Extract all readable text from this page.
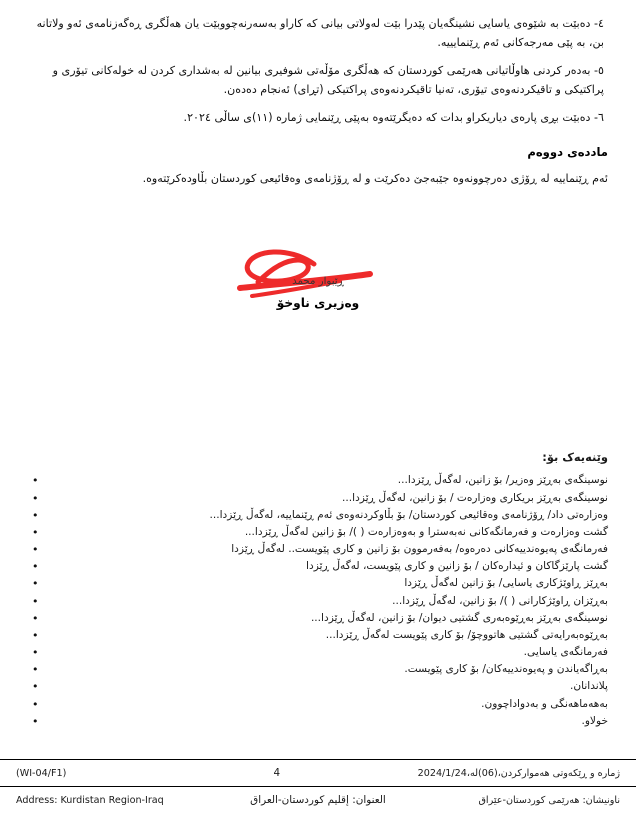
٤- دەبێت بە شێوەی یاسایی نشینگەیان پێدرا بێت لەولاتی بیانی کە کاراو بەسەرنەچووبێت یان هەڵگری ڕەگەزنامەی ئەو ولاتانە بن، بە پێی مەرجەکانی ئەم ڕێنمایییە.

٥- بەدەر کردنی هاوڵاتیانی هەرێمی کوردستان کە هەڵگری مۆڵەتی شوفیری بیانین لە بەشداری کردن لە خولەکانی تیۆری و پراکتیکی و تاقیکردنەوەی تیۆری، تەنیا تاقیکردنەوەی پراکتیکی (تڕای) ئەنجام دەدەن.

٦- دەبێت بڕی پارەی دیاریکراو بدات کە دەیگرێتەوە بەپێی ڕێنمایی ژمارە (١١)ی ساڵی ٢٠٢٤.

ماددەی دووەم

ئەم ڕێنماییە لە ڕۆژی دەرچوونەوە جێبەجێ دەکرێت و لە ڕۆژنامەی وەقائیعی کوردستان بڵاودەکرێتەوە.

ڕێبوار محمد
وەزیری ناوخۆ
وێنەیەک بۆ:
نوسینگەی بەڕێز وەزیر/ بۆ زانین، لەگەڵ ڕێزدا... •
نوسینگەی بەڕێز بریکاری وەزارەت / بۆ زانین، لەگەڵ ڕێزدا... •
وەزارەتی داد/ ڕۆژنامەی وەقائیعی کوردستان/ بۆ بڵاوکردنەوەی ئەم ڕێنماییە، لەگەڵ ڕێزدا... •
گشت وەزارەت و فەرمانگەکانی نەبەسترا و بەوەزارەت ( )/ بۆ زانین لەگەڵ ڕێزدا... •
فەرمانگەی پەیوەندییەکانی دەرەوە/ بەفەرموون بۆ زانین و کاری پێویست.. لەگەڵ ڕێزدا •
گشت پارێزگاکان و ئیدارەکان / بۆ زانین و کاری پێویست، لەگەڵ ڕێزدا •
بەڕێز ڕاوێژکاری یاسایی/ بۆ زانین لەگەڵ ڕێزدا •
بەڕێزان ڕاوێژکارانی ( )/ بۆ زانین، لەگەڵ ڕێزدا... •
نوسینگەی بەڕێز بەڕێوەبەری گشتیی دیوان/ بۆ زانین، لەگەڵ ڕێزدا... •
بەڕێوەبەرایەتی گشتیی هاتووچۆ/ بۆ کاری پێویست لەگەڵ ڕێزدا... •
فەرمانگەی یاسایی. •
بەڕاگەیاندن و پەیوەندییەکان/ بۆ کاری پێویست. •
پلاندانان. •
بەهەماهەنگی و بەدواداچوون. •
خولاو. •
(WI-04/F1)	4	ژمارە و ڕێکەوتی هەموارکردن،(06)لە،2024/1/24
Address: Kurdistan Region-Iraq	العنوان: إقليم كوردستان-العراق	ناونیشان: هەرێمی کوردستان-عێراق
